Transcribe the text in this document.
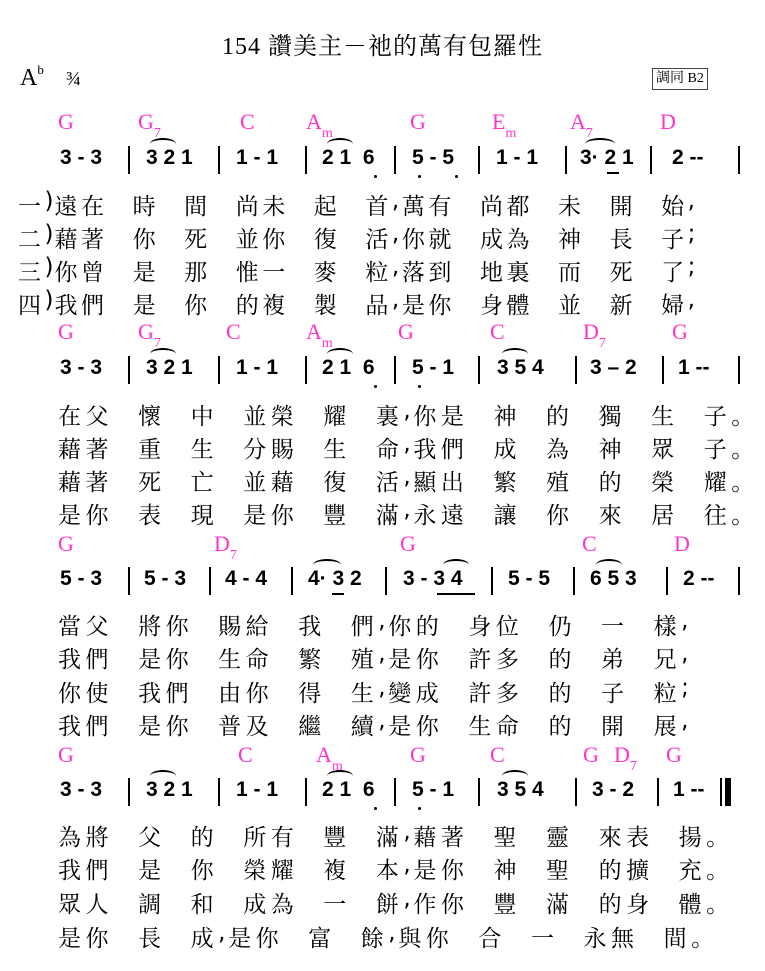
154 讚美主－祂的萬有包羅性
$A^b$ ¾	調同 B2
G	$G_7$	C $A_m$	G	$E_m$ $A_7$	D
3 - 3 3 2 1 1 - 1 2 1  6 5 - 5 1 - 1 3· 2 1 2 --
一 ) 遠 在 時 間 尚 未 起 首 , 萬 有 尚 都 未 開 始 ,
二 ) 藉 著 你 死 並 你 復 活 , 你 就 成 為 神 長 子 ;
三 ) 你 曾 是 那 惟 一 麥 粒 , 落 到 地 裏 而 死 了 ;
四 ) 我 們 是 你 的 複 製 品 , 是 你 身 體 並 新 婦 ,
G	$G_7$	C	$A_m$	G	C	$D_7$	G
3 - 3 3 2 1 1 - 1 2 1  6 5 - 1 3 5 4 3 – 2 1 --
在 父 懷 中 並 榮 耀 裏 , 你 是 神 的 獨 生 子 。
藉 著 重 生 分 賜 生 命 , 我 們 成 為 神 眾 子 。
藉 著 死 亡 並 藉 復 活 , 顯 出 繁 殖 的 榮 耀 。
是 你 表 現 是 你 豐 滿 , 永 遠 讓 你 來 居 往 。
G	$D_7$	G	C	D
5 - 3 5 - 3 4 - 4 4· 3 2 3 - 3 4 5 - 5 6 5 3 2 --
當 父 將 你 賜 給 我 們 , 你 的 身 位 仍 一 樣 ,
我 們 是 你 生 命 繁 殖 , 是 你 許 多 的 弟 兄 ,
你 使 我 們 由 你 得 生 , 變 成 許 多 的 子 粒 ;
我 們 是 你 普 及 繼 續 , 是 你 生 命 的 開 展 ,
G	C	$A_m$	G	C	G $D_7$ G
3 - 3 3 2 1 1 - 1 2 1  6 5 - 1 3 5 4 3 - 2 1 --
為 將 父 的 所 有 豐 滿 , 藉 著 聖 靈 來 表 揚 。
我 們 是 你 榮 耀 複 本 , 是 你 神 聖 的 擴 充 。
眾 人 調 和 成 為 一 餅 , 作 你 豐 滿 的 身 體 。
是 你 長 成 , 是 你 富 餘 , 與 你 合 一 永 無 間 。
